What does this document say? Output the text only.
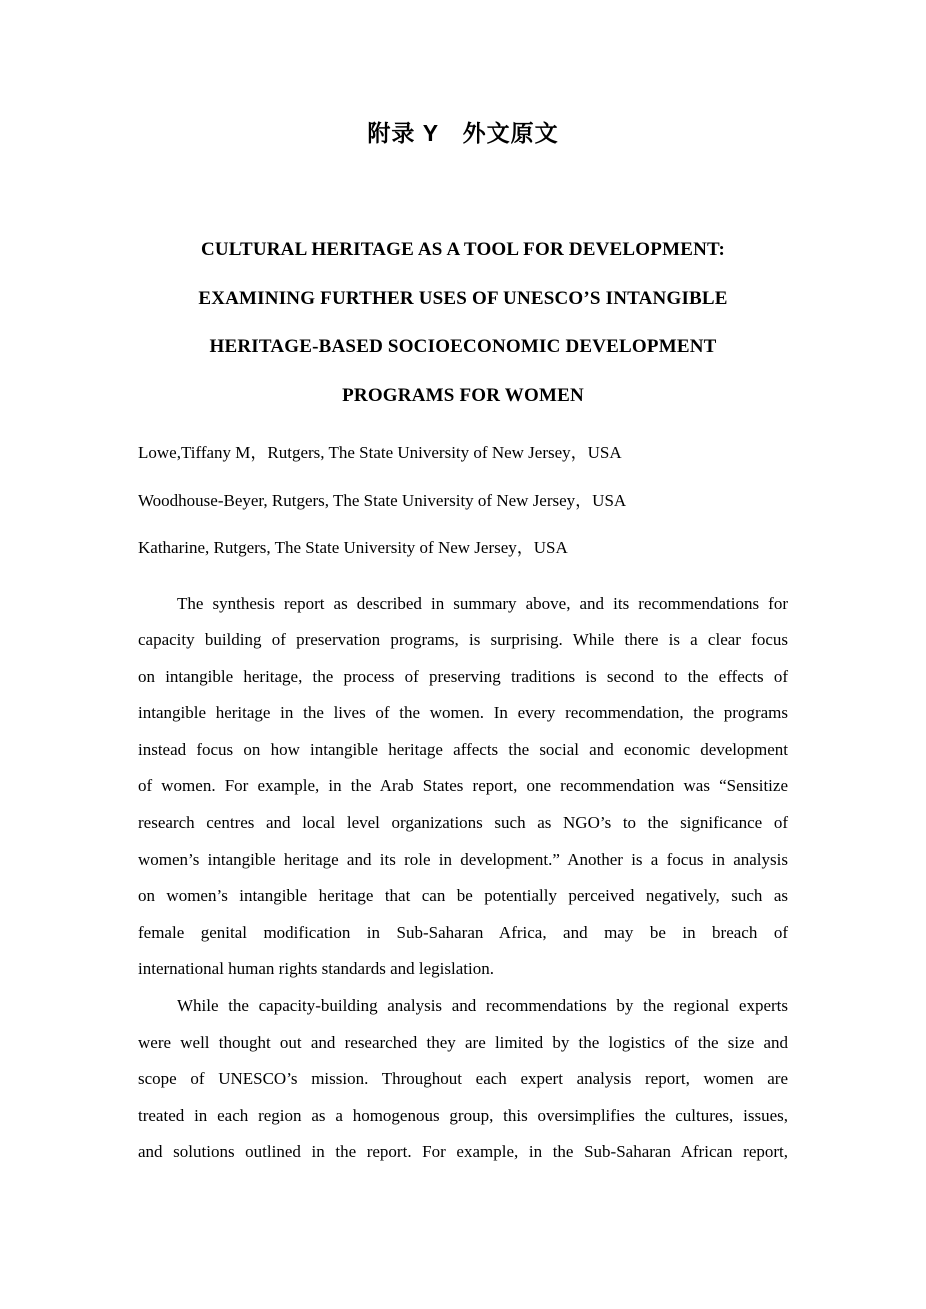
附录 Y　外文原文
CULTURAL HERITAGE AS A TOOL FOR DEVELOPMENT:
EXAMINING FURTHER USES OF UNESCO’S INTANGIBLE
HERITAGE-BASED SOCIOECONOMIC DEVELOPMENT
PROGRAMS FOR WOMEN
Lowe,Tiffany M，Rutgers, The State University of New Jersey，USA
Woodhouse-Beyer, Rutgers, The State University of New Jersey，USA
Katharine, Rutgers, The State University of New Jersey，USA
The synthesis report as described in summary above, and its recommendations for
capacity building of preservation programs, is surprising. While there is a clear focus
on intangible heritage, the process of preserving traditions is second to the effects of
intangible heritage in the lives of the women. In every recommendation, the programs
instead focus on how intangible heritage affects the social and economic development
of women. For example, in the Arab States report, one recommendation was “Sensitize
research centres and local level organizations such as NGO’s to the significance of
women’s intangible heritage and its role in development.” Another is a focus in analysis
on women’s intangible heritage that can be potentially perceived negatively, such as
female genital modification in Sub-Saharan Africa, and may be in breach of
international human rights standards and legislation.
While the capacity-building analysis and recommendations by the regional experts
were well thought out and researched they are limited by the logistics of the size and
scope of UNESCO’s mission. Throughout each expert analysis report, women are
treated in each region as a homogenous group, this oversimplifies the cultures, issues,
and solutions outlined in the report. For example, in the Sub-Saharan African report,
